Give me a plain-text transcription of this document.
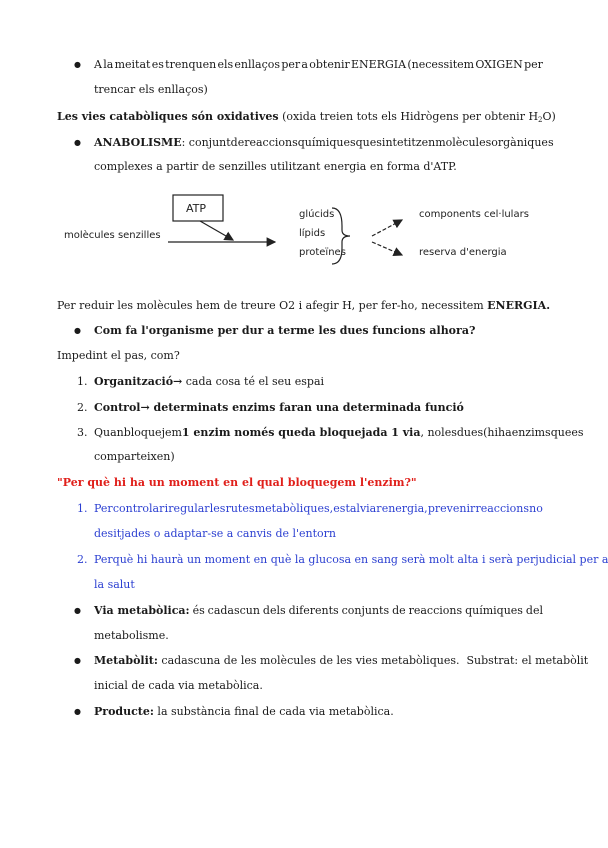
● A la meitat es trenquen els enllaços per a obtenir ENERGIA (necessitem OXIGEN per
trencar els enllaços)
Les vies catabòliques són oxidatives (oxida treien tots els Hidrògens per obtenir $H_2O$)
● ANABOLISME: conjunt de reaccions químiques que sintetitzen molècules orgàniques
complexes a partir de senzilles utilitzant energia en forma d'ATP.
ATP
molècules senzilles
glúcids
lípids
proteïnes
components cel·lulars
reserva d'energia
Per reduir les molècules hem de treure O2 i afegir H, per fer-ho, necessitem ENERGIA.
● Com fa l'organisme per dur a terme les dues funcions alhora?
Impedint el pas, com?
1. Organització→ cada cosa té el seu espai
2. Control→ determinats enzims faran una determinada funció
3. Quan bloquejem 1 enzim només queda bloquejada 1 via , no les dues (hi ha enzims que es
comparteixen)
"Per què hi ha un moment en el qual bloquegem l'enzim?"
1. Per controlar i regular les rutes metabòliques, estalviar energia, prevenir reaccions no
desitjades o adaptar-se a canvis de l'entorn
2. Perquè hi haurà un moment en què la glucosa en sang serà molt alta i serà perjudicial per a
la salut
● Via metabòlica: és cadascun dels diferents conjunts de reaccions químiques del
metabolisme.
● Metabòlit: cadascuna de les molècules de les vies metabòliques.  Substrat: el metabòlit
inicial de cada via metabòlica.
● Producte: la substància final de cada via metabòlica.
